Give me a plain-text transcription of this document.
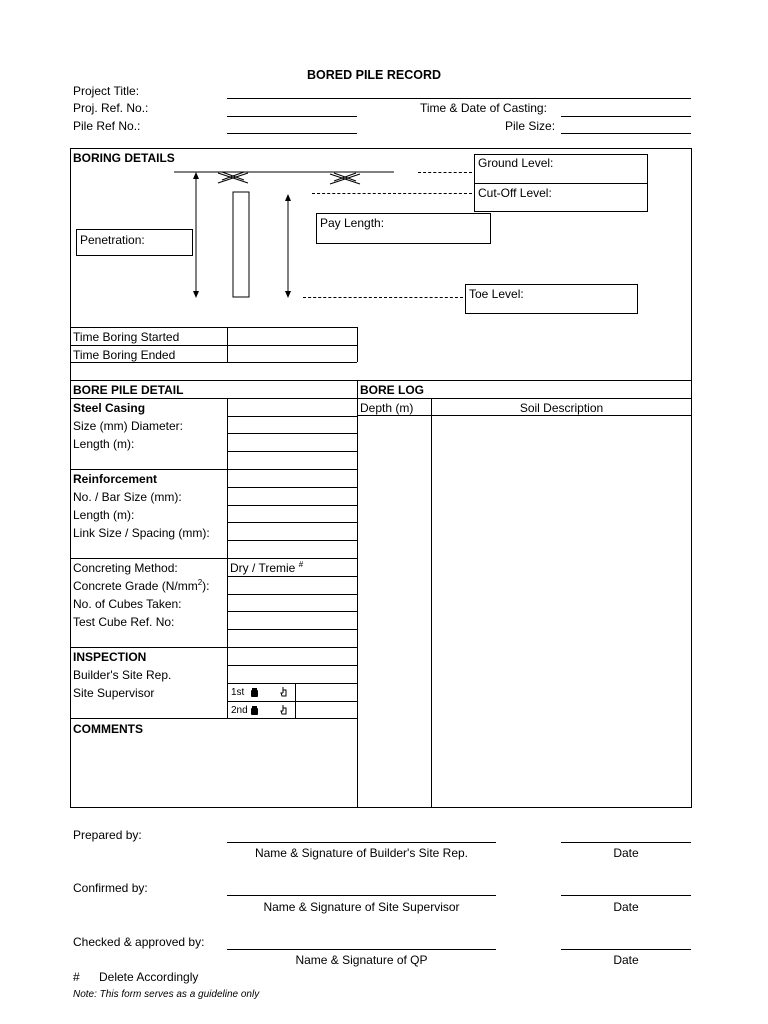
BORED PILE RECORD
Project Title:
Proj. Ref. No.:	Time & Date of Casting:
Pile Ref No.:	Pile Size:
BORING DETAILS	Ground Level:
Cut-Off Level:
Pay Length:
Penetration:
Toe Level:
Time Boring Started
Time Boring Ended
BORE PILE DETAIL	BORE LOG
Depth (m)	Soil Description
Steel Casing
Size (mm) Diameter:
Length (m):
Reinforcement
No. / Bar Size (mm):
Length (m):
Link Size / Spacing (mm):
Concreting Method:	Dry / Tremie #
Concrete Grade $(N/mm^2)$:
No. of Cubes Taken:
Test Cube Ref. No:
INSPECTION
Builder's Site Rep.
Site Supervisor	1st
2nd
COMMENTS
Prepared by:
Name & Signature of Builder's Site Rep.	Date
Confirmed by:
Name & Signature of Site Supervisor	Date
Checked & approved by:
Name & Signature of QP	Date
# Delete Accordingly
Note: This form serves as a guideline only
